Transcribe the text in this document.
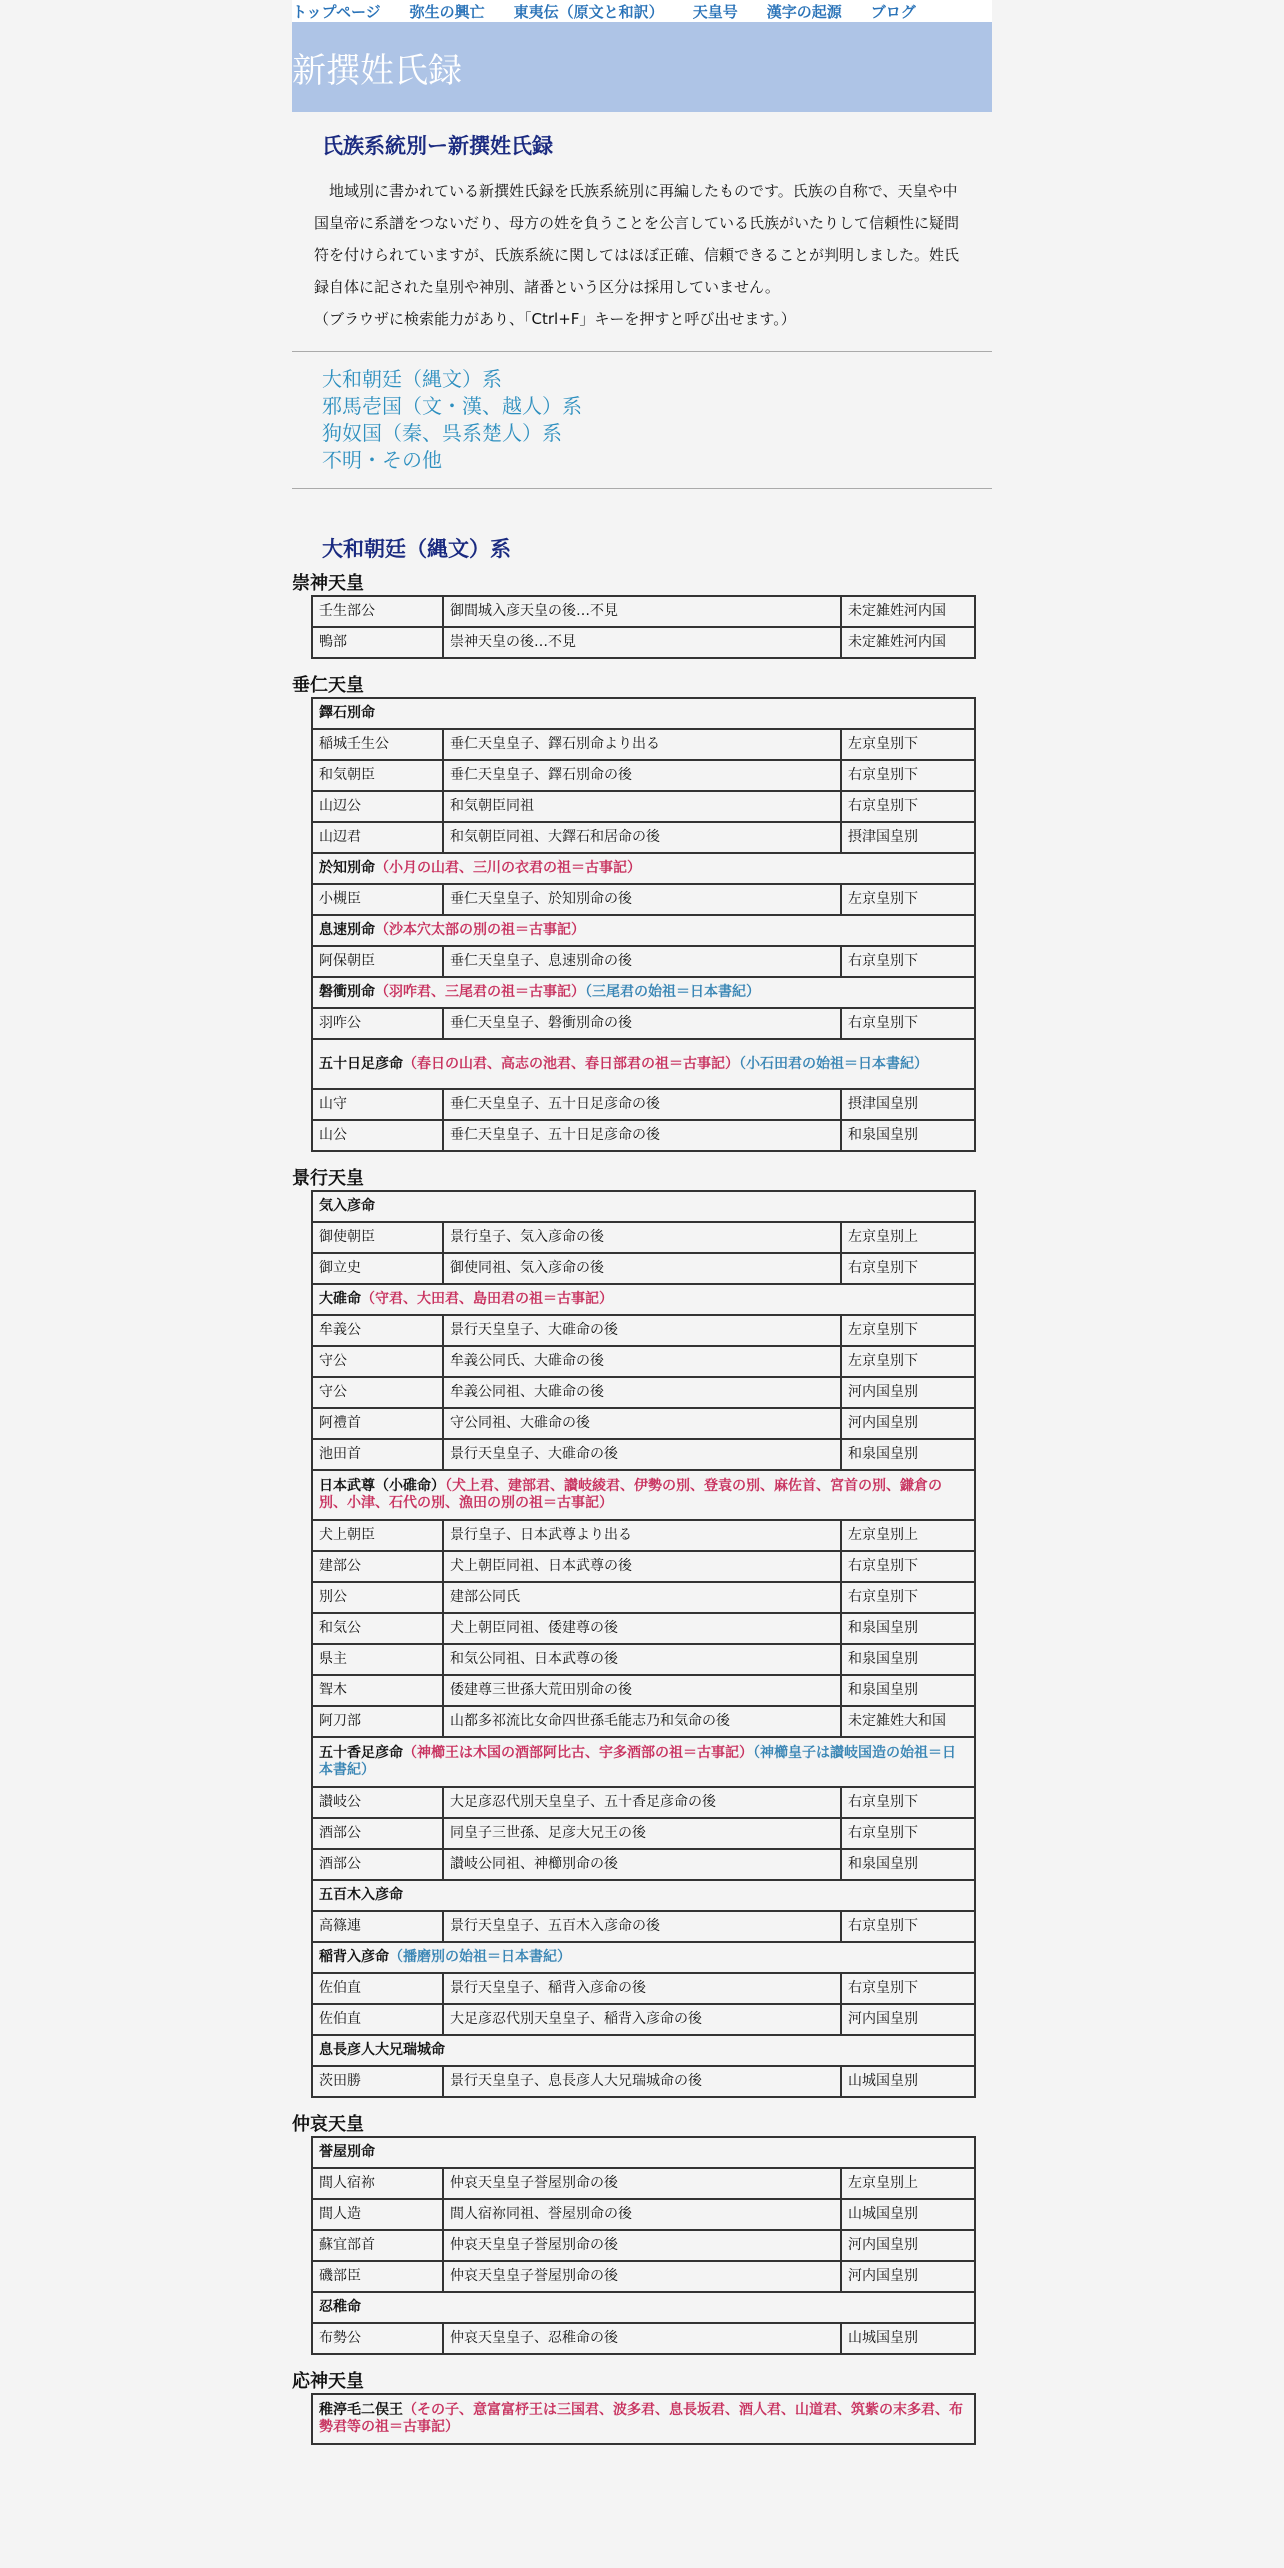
トップページ 弥生の興亡 東夷伝（原文と和訳） 天皇号 漢字の起源 ブログ
新撰姓氏録
氏族系統別ー新撰姓氏録

地域別に書かれている新撰姓氏録を氏族系統別に再編したものです。氏族の自称で、天皇や中国皇帝に系譜をつないだり、母方の姓を負うことを公言している氏族がいたりして信頼性に疑問符を付けられていますが、氏族系統に関してはほぼ正確、信頼できることが判明しました。姓氏録自体に記された皇別や神別、諸番という区分は採用していません。

（ブラウザに検索能力があり、「Ctrl+F」キーを押すと呼び出せます。）

大和朝廷（縄文）系
邪馬壱国（文・漢、越人）系
狗奴国（秦、呉系楚人）系
不明・その他
大和朝廷（縄文）系
崇神天皇
壬生部公	御間城入彦天皇の後…不見	未定雑姓河内国
鴨部	崇神天皇の後…不見	未定雑姓河内国
垂仁天皇
鐸石別命		
稲城壬生公	垂仁天皇皇子、鐸石別命より出る	左京皇別下
和気朝臣	垂仁天皇皇子、鐸石別命の後	右京皇別下
山辺公	和気朝臣同祖	右京皇別下
山辺君	和気朝臣同祖、大鐸石和居命の後	摂津国皇別
於知別命（小月の山君、三川の衣君の祖＝古事記）		
小槻臣	垂仁天皇皇子、於知別命の後	左京皇別下
息速別命（沙本穴太部の別の祖＝古事記）		
阿保朝臣	垂仁天皇皇子、息速別命の後	右京皇別下
磐衝別命（羽咋君、三尾君の祖＝古事記）（三尾君の始祖＝日本書紀）		
羽咋公	垂仁天皇皇子、磐衝別命の後	右京皇別下
五十日足彦命（春日の山君、高志の池君、春日部君の祖＝古事記）（小石田君の始祖＝日本書紀）		
山守	垂仁天皇皇子、五十日足彦命の後	摂津国皇別
山公	垂仁天皇皇子、五十日足彦命の後	和泉国皇別
景行天皇
気入彦命		
御使朝臣	景行皇子、気入彦命の後	左京皇別上
御立史	御使同祖、気入彦命の後	右京皇別下
大碓命（守君、大田君、島田君の祖＝古事記）		
牟義公	景行天皇皇子、大碓命の後	左京皇別下
守公	牟義公同氏、大碓命の後	左京皇別下
守公	牟義公同祖、大碓命の後	河内国皇別
阿禮首	守公同祖、大碓命の後	河内国皇別
池田首	景行天皇皇子、大碓命の後	和泉国皇別
日本武尊（小碓命）（犬上君、建部君、讃岐綾君、伊勢の別、登袁の別、麻佐首、宮首の別、鎌倉の別、小津、石代の別、漁田の別の祖＝古事記）		
犬上朝臣	景行皇子、日本武尊より出る	左京皇別上
建部公	犬上朝臣同祖、日本武尊の後	右京皇別下
別公	建部公同氏	右京皇別下
和気公	犬上朝臣同祖、倭建尊の後	和泉国皇別
県主	和気公同祖、日本武尊の後	和泉国皇別
聟木	倭建尊三世孫大荒田別命の後	和泉国皇別
阿刀部	山都多祁流比女命四世孫毛能志乃和気命の後	未定雑姓大和国
五十香足彦命（神櫛王は木国の酒部阿比古、宇多酒部の祖＝古事記）（神櫛皇子は讃岐国造の始祖＝日本書紀）		
讃岐公	大足彦忍代別天皇皇子、五十香足彦命の後	右京皇別下
酒部公	同皇子三世孫、足彦大兄王の後	右京皇別下
酒部公	讃岐公同祖、神櫛別命の後	和泉国皇別
五百木入彦命		
高篠連	景行天皇皇子、五百木入彦命の後	右京皇別下
稲背入彦命（播磨別の始祖＝日本書紀）		
佐伯直	景行天皇皇子、稲背入彦命の後	右京皇別下
佐伯直	大足彦忍代別天皇皇子、稲背入彦命の後	河内国皇別
息長彦人大兄瑞城命		
茨田勝	景行天皇皇子、息長彦人大兄瑞城命の後	山城国皇別
仲哀天皇
誉屋別命		
間人宿祢	仲哀天皇皇子誉屋別命の後	左京皇別上
間人造	間人宿祢同祖、誉屋別命の後	山城国皇別
蘇宜部首	仲哀天皇皇子誉屋別命の後	河内国皇別
磯部臣	仲哀天皇皇子誉屋別命の後	河内国皇別
忍稚命		
布勢公	仲哀天皇皇子、忍稚命の後	山城国皇別
応神天皇
稚渟毛二俣王（その子、意富富杼王は三国君、波多君、息長坂君、酒人君、山道君、筑紫の末多君、布勢君等の祖＝古事記）
